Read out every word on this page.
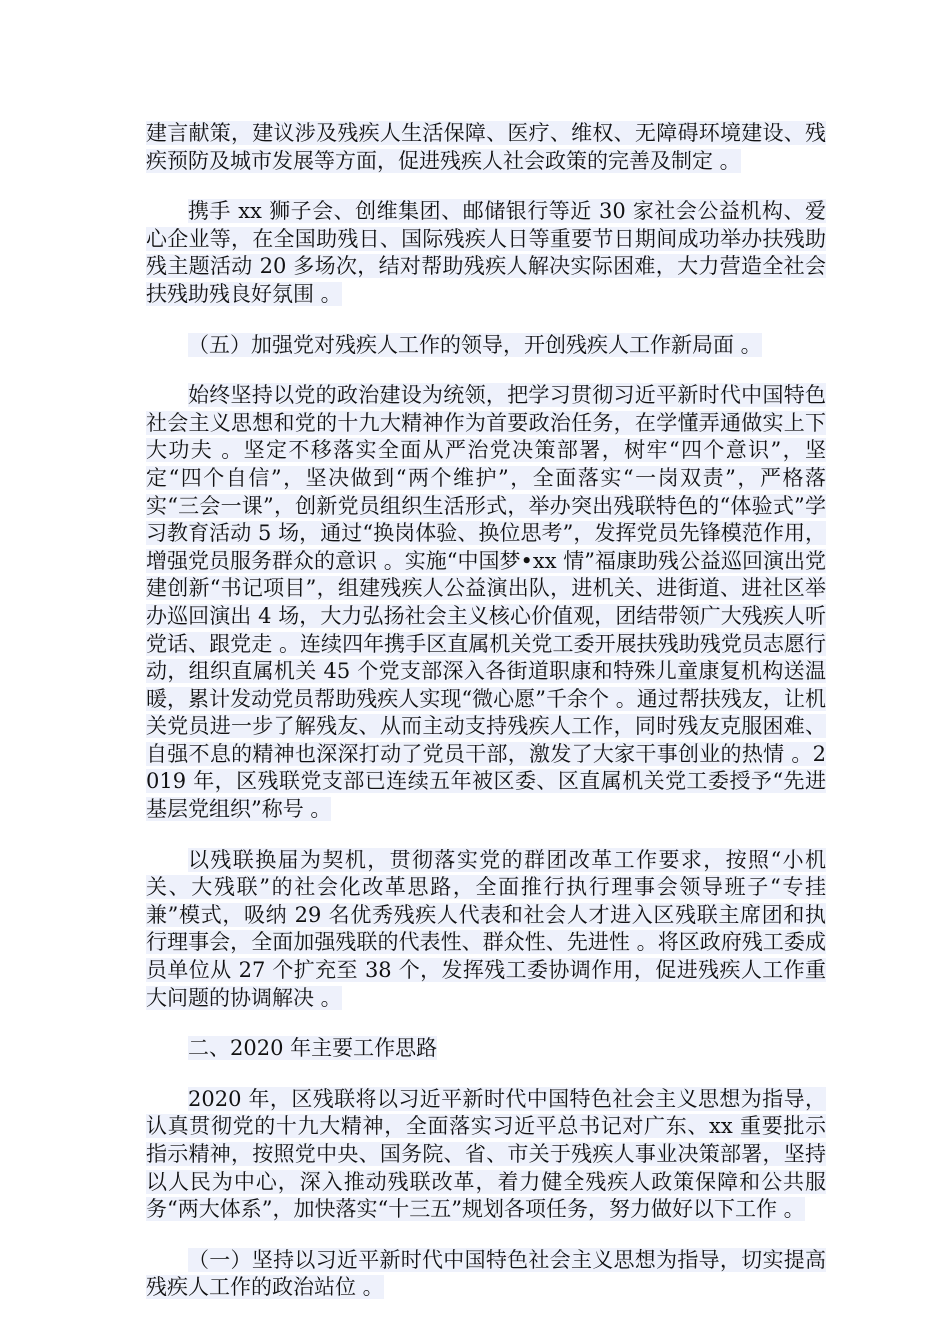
建言献策，建议涉及残疾人生活保障、医疗、维权、无障碍环境建设、残疾预防及城市发展等方面，促进残疾人社会政策的完善及制定 。

携手 xx 狮子会、创维集团、邮储银行等近 30 家社会公益机构、爱心企业等，在全国助残日、国际残疾人日等重要节日期间成功举办扶残助残主题活动 20 多场次，结对帮助残疾人解决实际困难，大力营造全社会扶残助残良好氛围 。

（五）加强党对残疾人工作的领导，开创残疾人工作新局面 。

始终坚持以党的政治建设为统领，把学习贯彻习近平新时代中国特色社会主义思想和党的十九大精神作为首要政治任务，在学懂弄通做实上下大功夫 。坚定不移落实全面从严治党决策部署，树牢“四个意识”，坚定“四个自信”，坚决做到“两个维护”，全面落实“一岗双责”，严格落实“三会一课”，创新党员组织生活形式，举办突出残联特色的“体验式”学习教育活动 5 场，通过“换岗体验、换位思考”，发挥党员先锋模范作用，增强党员服务群众的意识 。实施“中国梦•xx 情”福康助残公益巡回演出党建创新“书记项目”，组建残疾人公益演出队，进机关、进街道、进社区举办巡回演出 4 场，大力弘扬社会主义核心价值观，团结带领广大残疾人听党话、跟党走 。连续四年携手区直属机关党工委开展扶残助残党员志愿行动，组织直属机关 45 个党支部深入各街道职康和特殊儿童康复机构送温暖，累计发动党员帮助残疾人实现“微心愿”千余个 。通过帮扶残友，让机关党员进一步了解残友、从而主动支持残疾人工作，同时残友克服困难、自强不息的精神也深深打动了党员干部，激发了大家干事创业的热情 。2019 年，区残联党支部已连续五年被区委、区直属机关党工委授予“先进基层党组织”称号 。

以残联换届为契机，贯彻落实党的群团改革工作要求，按照“小机关、大残联”的社会化改革思路，全面推行执行理事会领导班子“专挂兼”模式，吸纳 29 名优秀残疾人代表和社会人才进入区残联主席团和执行理事会，全面加强残联的代表性、群众性、先进性 。将区政府残工委成员单位从 27 个扩充至 38 个，发挥残工委协调作用，促进残疾人工作重大问题的协调解决 。

二、2020 年主要工作思路

2020 年，区残联将以习近平新时代中国特色社会主义思想为指导，认真贯彻党的十九大精神，全面落实习近平总书记对广东、xx 重要批示指示精神，按照党中央、国务院、省、市关于残疾人事业决策部署，坚持以人民为中心，深入推动残联改革，着力健全残疾人政策保障和公共服务“两大体系”，加快落实“十三五”规划各项任务，努力做好以下工作 。

（一）坚持以习近平新时代中国特色社会主义思想为指导，切实提高残疾人工作的政治站位 。
